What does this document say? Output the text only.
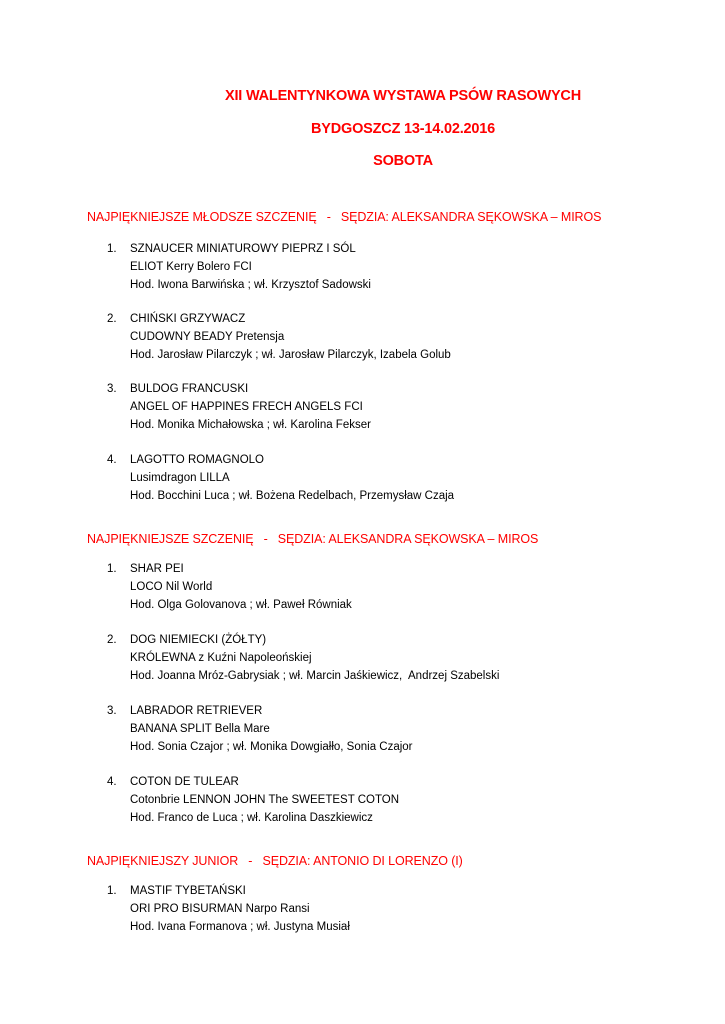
XII WALENTYNKOWA WYSTAWA PSÓW RASOWYCH
BYDGOSZCZ 13-14.02.2016
SOBOTA
NAJPIĘKNIEJSZE MŁODSZE SZCZENIĘ   -   SĘDZIA: ALEKSANDRA SĘKOWSKA – MIROS
1. SZNAUCER MINIATUROWY PIEPRZ I SÓL
ELIOT Kerry Bolero FCI
Hod. Iwona Barwińska ; wł. Krzysztof Sadowski
2. CHIŃSKI GRZYWACZ
CUDOWNY BEADY Pretensja
Hod. Jarosław Pilarczyk ; wł. Jarosław Pilarczyk, Izabela Golub
3. BULDOG FRANCUSKI
ANGEL OF HAPPINES FRECH ANGELS FCI
Hod. Monika Michałowska ; wł. Karolina Fekser
4. LAGOTTO ROMAGNOLO
Lusimdragon LILLA
Hod. Bocchini Luca ; wł. Bożena Redelbach, Przemysław Czaja
NAJPIĘKNIEJSZE SZCZENIĘ   -   SĘDZIA: ALEKSANDRA SĘKOWSKA – MIROS
1. SHAR PEI
LOCO Nil World
Hod. Olga Golovanova ; wł. Paweł Równiak
2. DOG NIEMIECKI (ŻÓŁTY)
KRÓLEWNA z Kuźni Napoleońskiej
Hod. Joanna Mróz-Gabrysiak ; wł. Marcin Jaśkiewicz,  Andrzej Szabelski
3. LABRADOR RETRIEVER
BANANA SPLIT Bella Mare
Hod. Sonia Czajor ; wł. Monika Dowgiałło, Sonia Czajor
4. COTON DE TULEAR
Cotonbrie LENNON JOHN The SWEETEST COTON
Hod. Franco de Luca ; wł. Karolina Daszkiewicz
NAJPIĘKNIEJSZY JUNIOR   -   SĘDZIA: ANTONIO DI LORENZO (I)
1. MASTIF TYBETAŃSKI
ORI PRO BISURMAN Narpo Ransi
Hod. Ivana Formanova ; wł. Justyna Musiał
